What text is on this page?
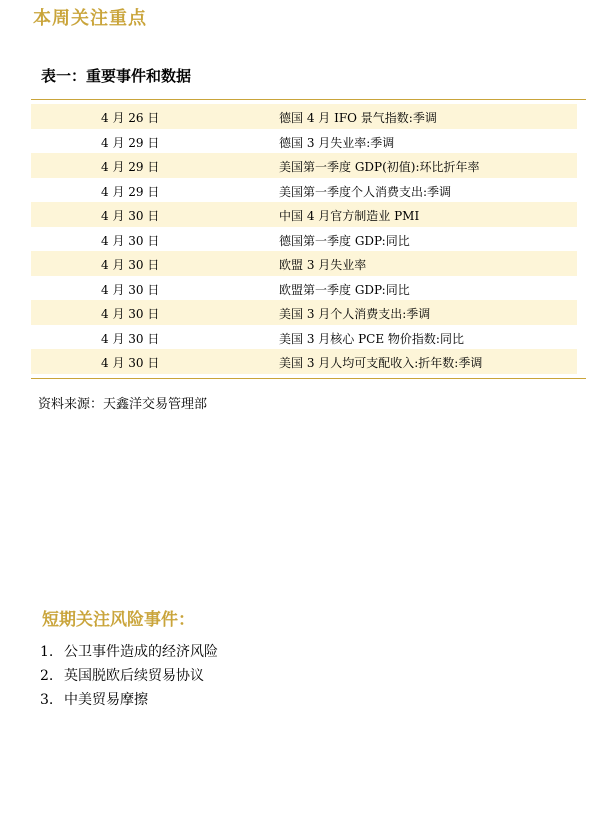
本周关注重点
表一：重要事件和数据
4 月 26 日	德国 4 月 IFO 景气指数:季调
4 月 29 日	德国 3 月失业率:季调
4 月 29 日	美国第一季度 GDP(初值):环比折年率
4 月 29 日	美国第一季度个人消费支出:季调
4 月 30 日	中国 4 月官方制造业 PMI
4 月 30 日	德国第一季度 GDP:同比
4 月 30 日	欧盟 3 月失业率
4 月 30 日	欧盟第一季度 GDP:同比
4 月 30 日	美国 3 月个人消费支出:季调
4 月 30 日	美国 3 月核心 PCE 物价指数:同比
4 月 30 日	美国 3 月人均可支配收入:折年数:季调
资料来源：天鑫洋交易管理部
短期关注风险事件：
1. 公卫事件造成的经济风险
2. 英国脱欧后续贸易协议
3. 中美贸易摩擦
